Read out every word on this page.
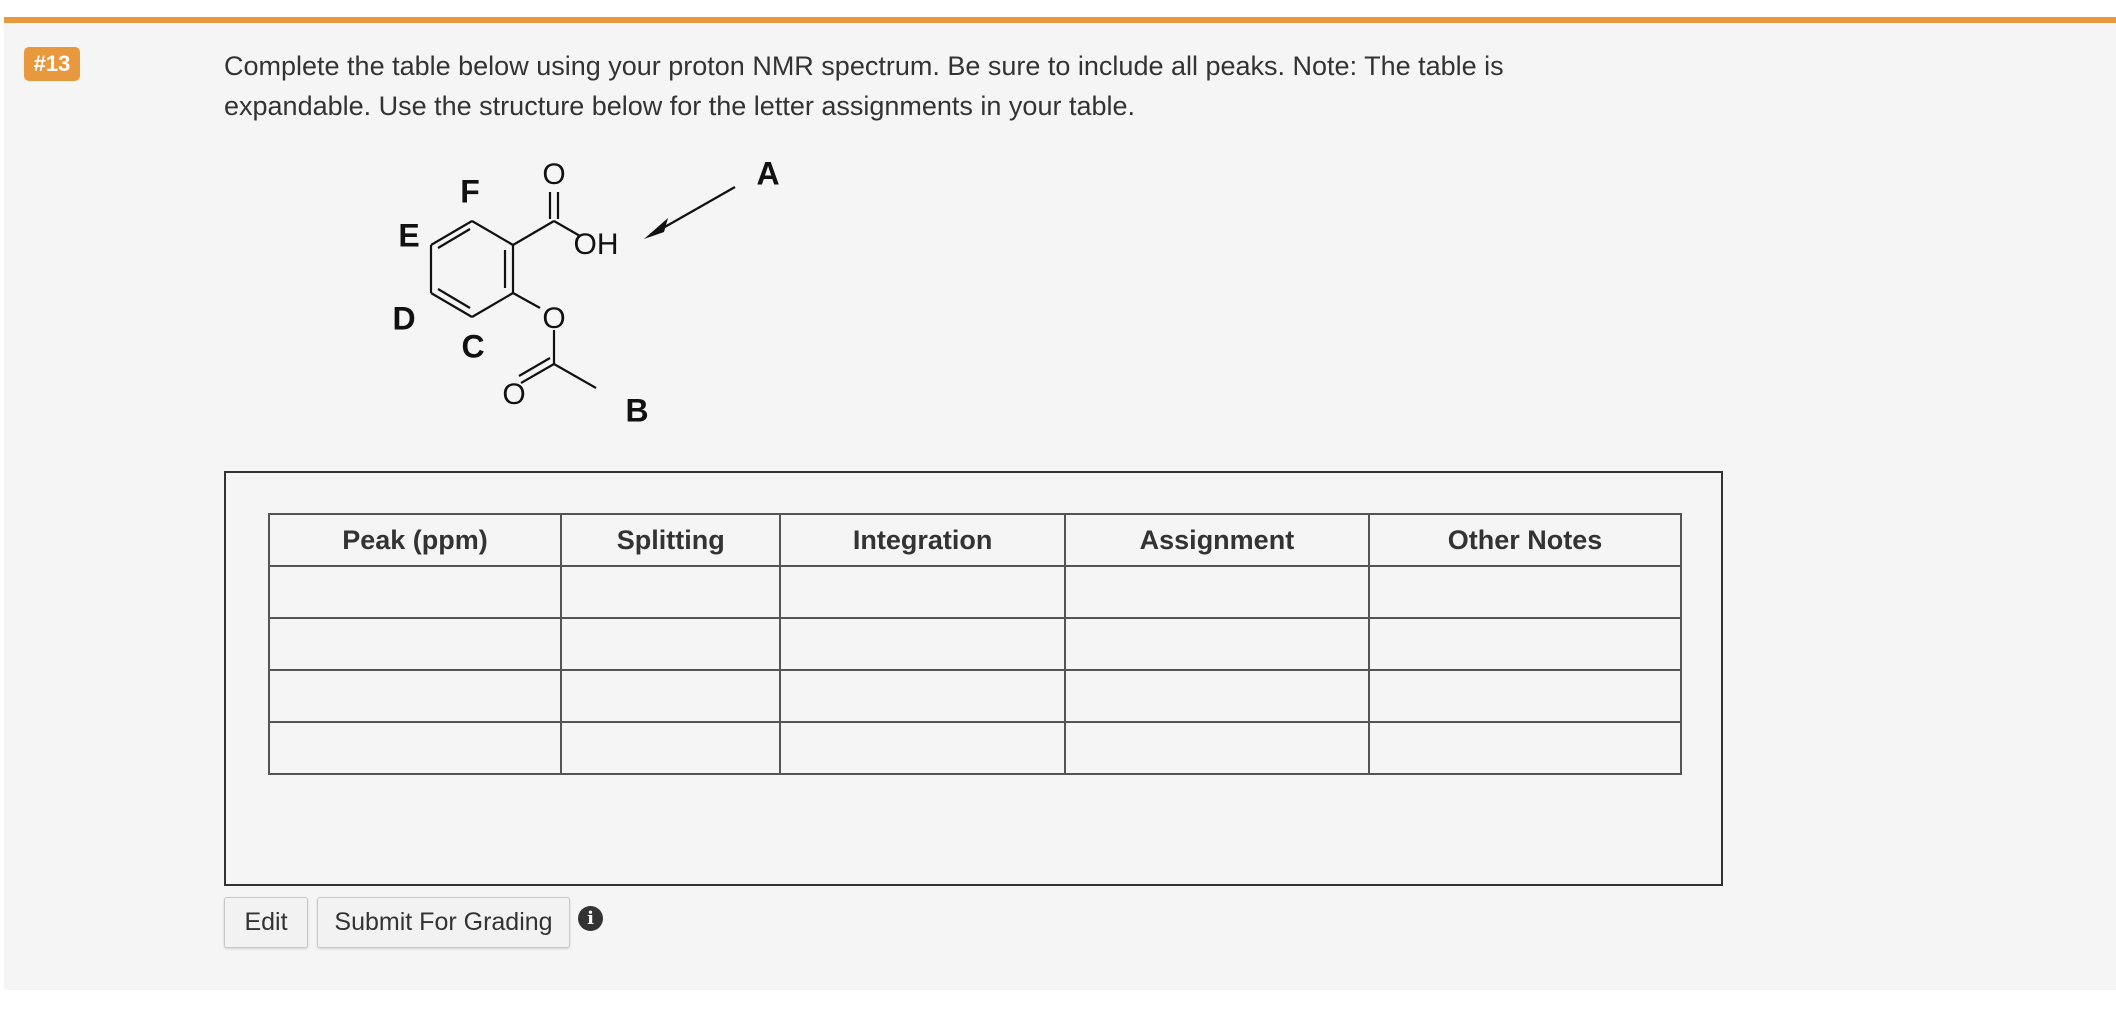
#13	Complete the table below using your proton NMR spectrum. Be sure to include all peaks. Note: The table is expandable. Use the structure below for the letter assignments in your table.

O
OH
O
O
A
B
C
D
E
F
Peak (ppm)	Splitting	Integration	Assignment	Other Notes

Edit	Submit For Grading	i
